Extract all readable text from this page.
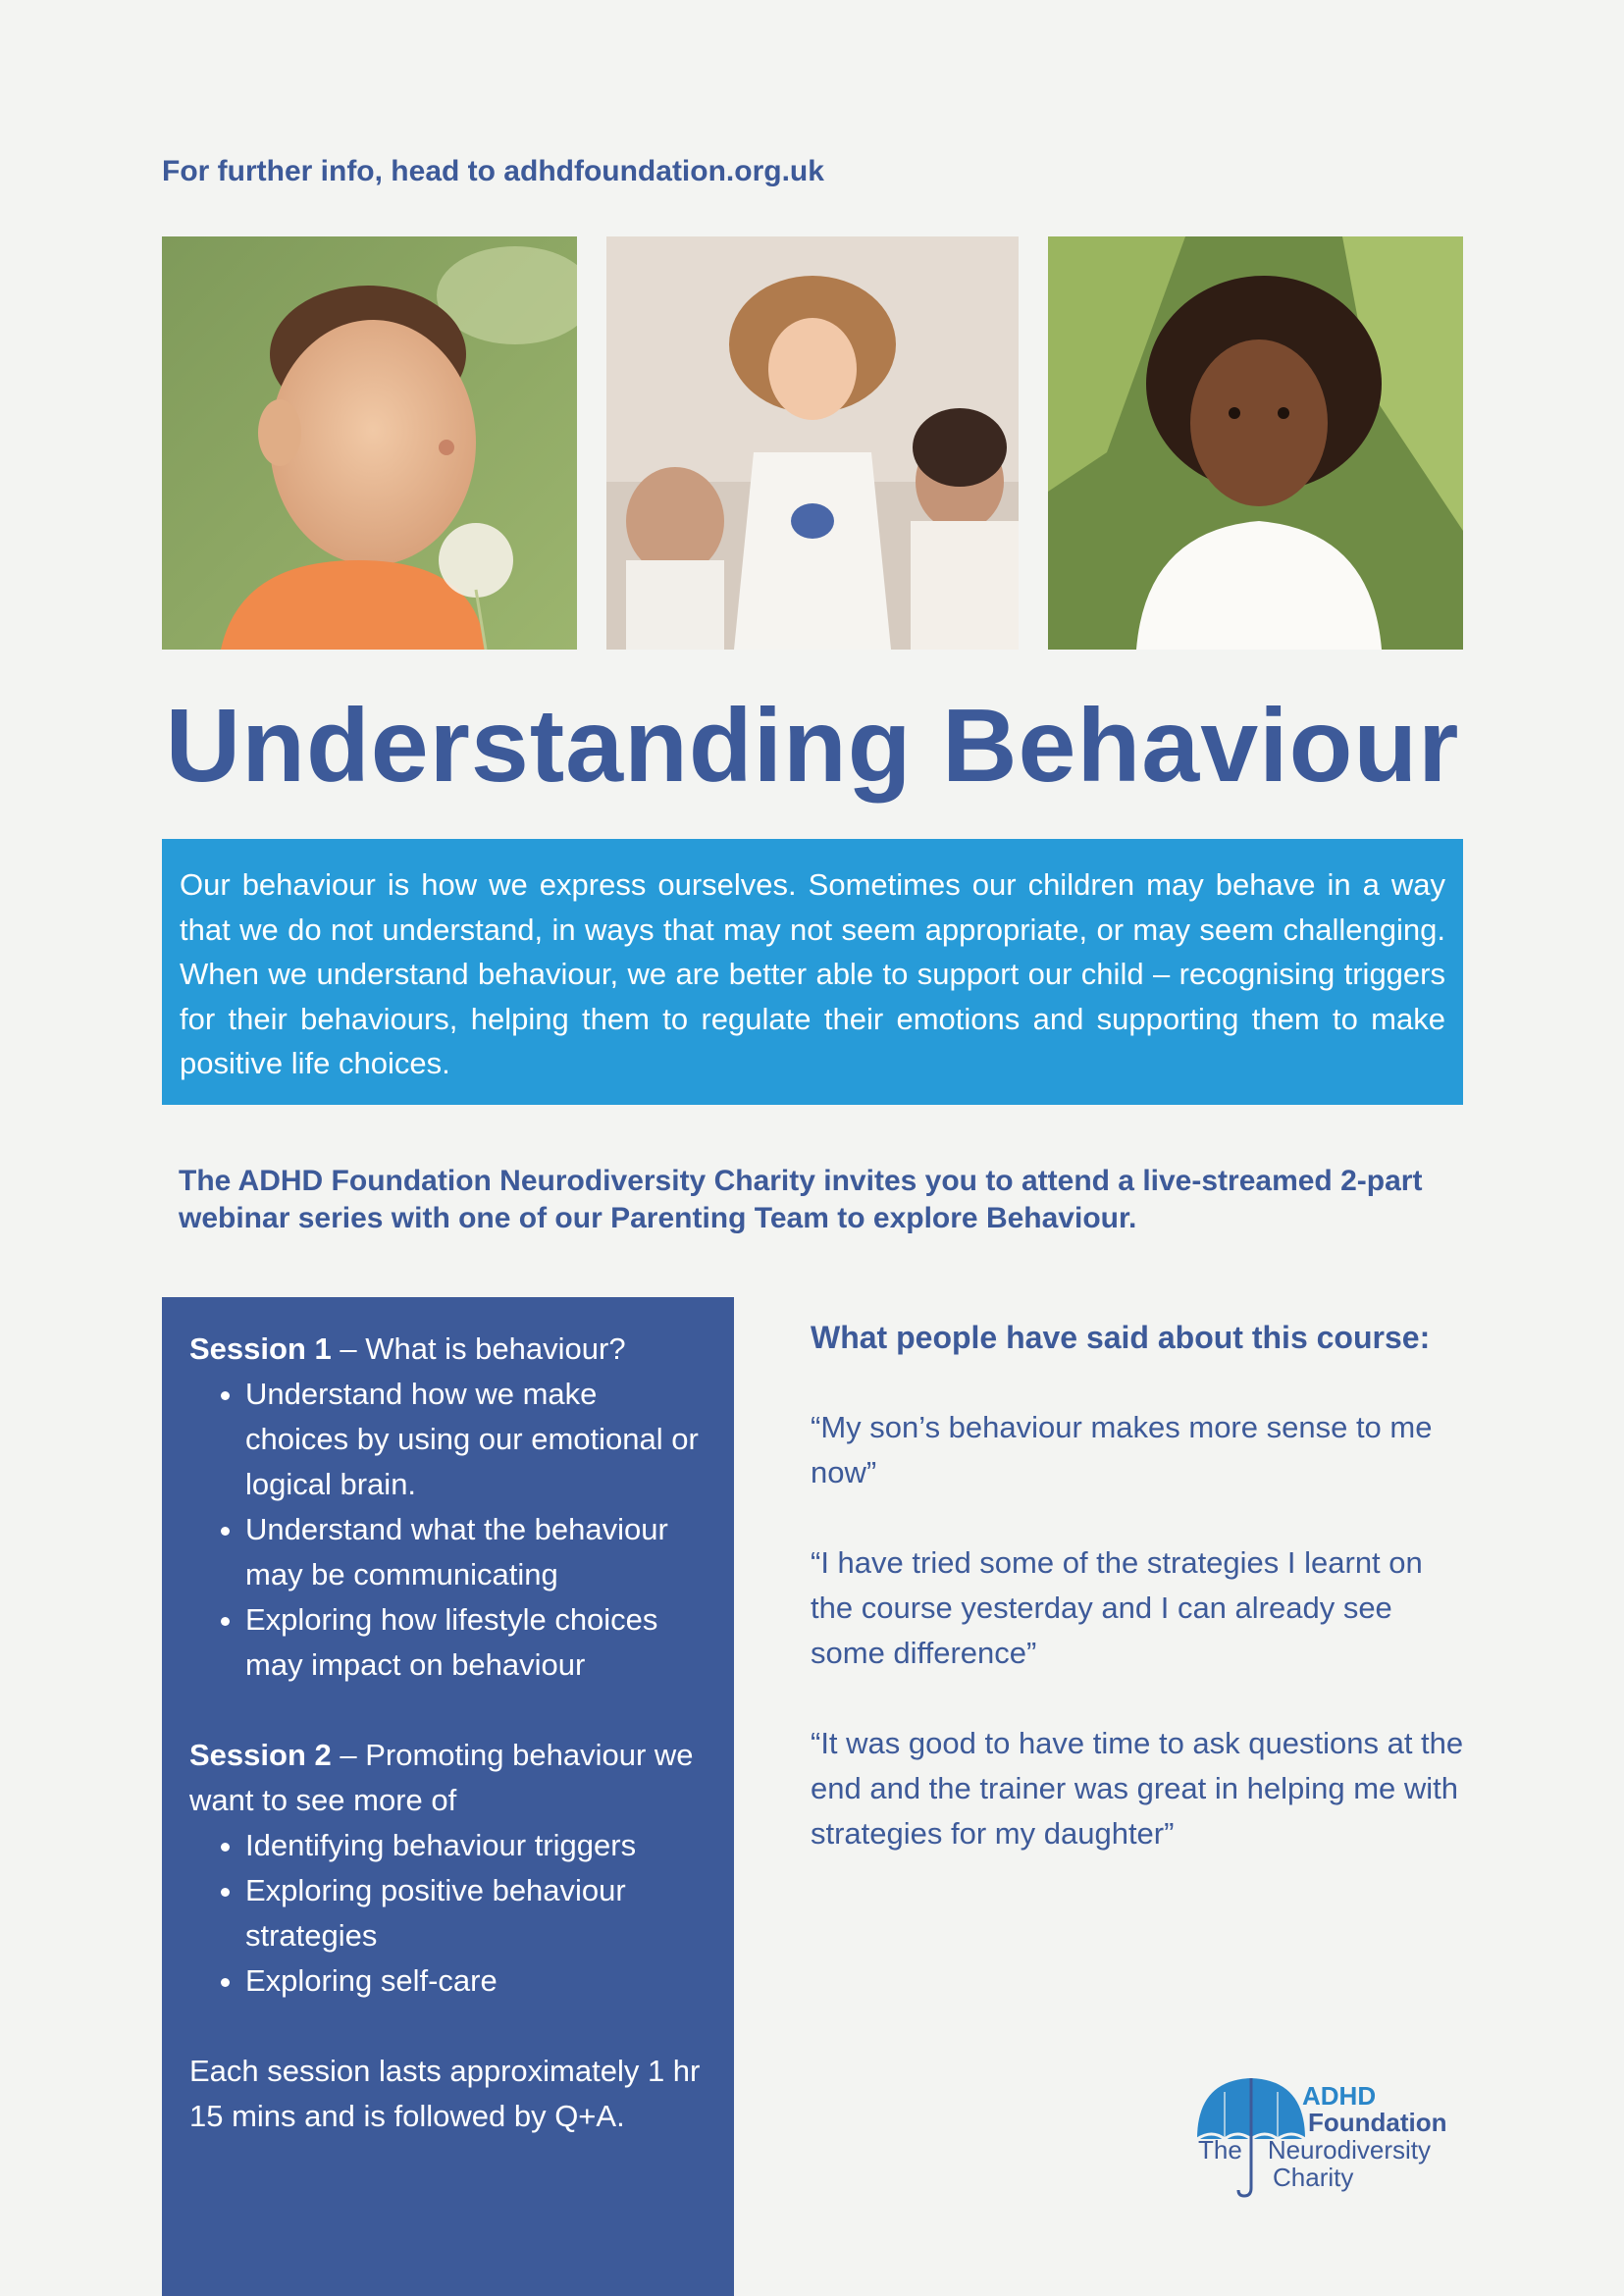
For further info, head to adhdfoundation.org.uk
Understanding Behaviour

Our behaviour is how we express ourselves. Sometimes our children may behave in a way that we do not understand, in ways that may not seem appropriate, or may seem challenging. When we understand behaviour, we are better able to support our child – recognising triggers for their behaviours, helping them to regulate their emotions and supporting them to make positive life choices.

The ADHD Foundation Neurodiversity Charity invites you to attend a live-streamed 2-part webinar series with one of our Parenting Team to explore Behaviour.

Session 1 – What is behaviour?

• Understand how we make choices by using our emotional or logical brain.
• Understand what the behaviour may be communicating
• Exploring how lifestyle choices may impact on behaviour

Session 2 – Promoting behaviour we want to see more of

• Identifying behaviour triggers
• Exploring positive behaviour strategies
• Exploring self-care

Each session lasts approximately 1 hr 15 mins and is followed by Q+A.

What people have said about this course:

“My son’s behaviour makes more sense to me now”

“I have tried some of the strategies I learnt on the course yesterday and I can already see some difference”

“It was good to have time to ask questions at the end and the trainer was great in helping me with strategies for my daughter”

ADHD
Foundation
The Neurodiversity
Charity
